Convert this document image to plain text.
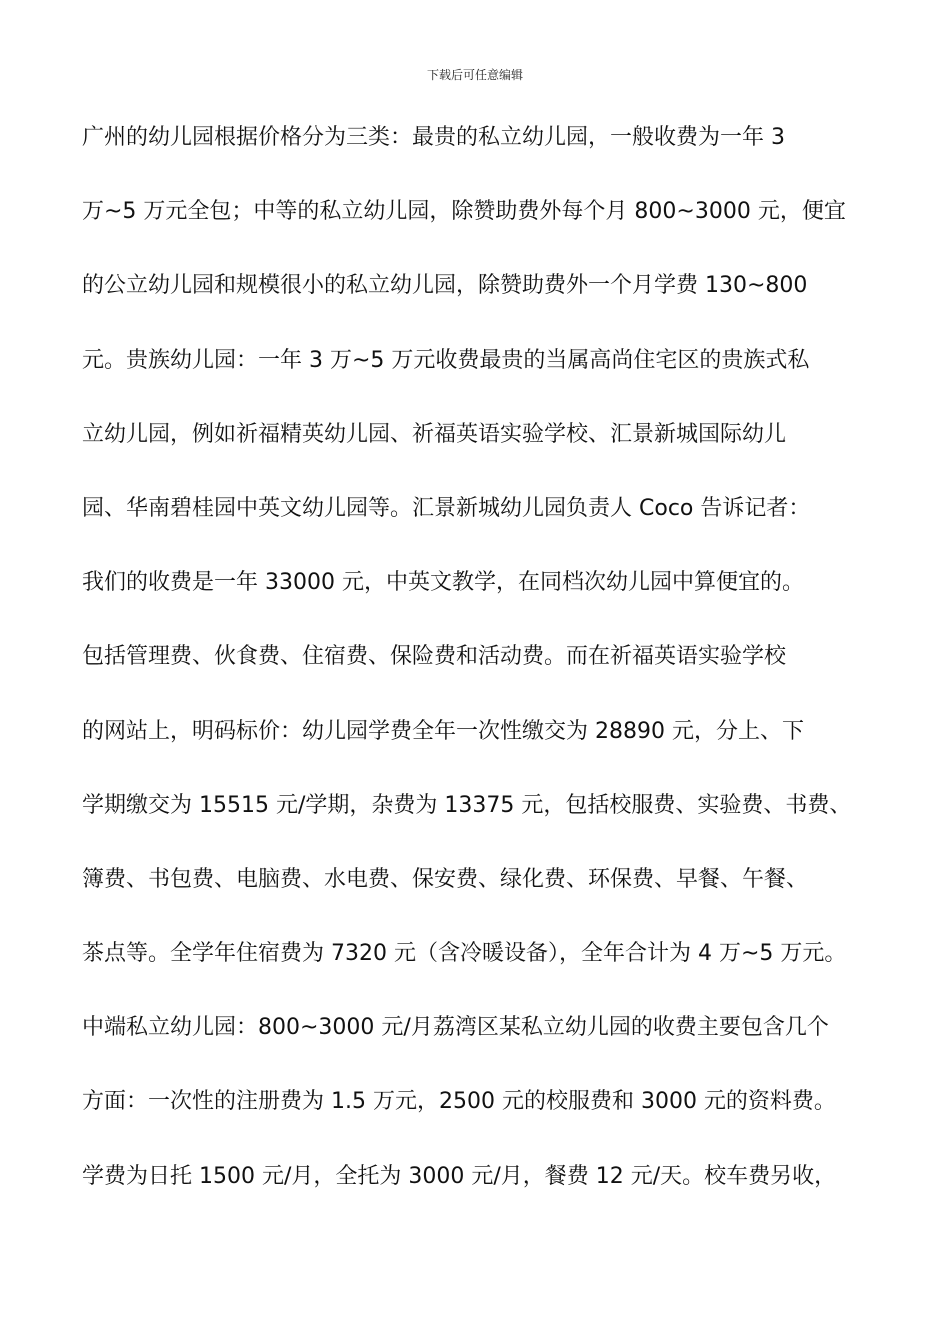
下载后可任意编辑
广州的幼儿园根据价格分为三类：最贵的私立幼儿园，一般收费为一年 3
万~5 万元全包；中等的私立幼儿园，除赞助费外每个月 800~3000 元，便宜
的公立幼儿园和规模很小的私立幼儿园，除赞助费外一个月学费 130~800
元。贵族幼儿园：一年 3 万~5 万元收费最贵的当属高尚住宅区的贵族式私
立幼儿园，例如祈福精英幼儿园、祈福英语实验学校、汇景新城国际幼儿
园、华南碧桂园中英文幼儿园等。汇景新城幼儿园负责人 Coco 告诉记者：
我们的收费是一年 33000 元，中英文教学，在同档次幼儿园中算便宜的。
包括管理费、伙食费、住宿费、保险费和活动费。而在祈福英语实验学校
的网站上，明码标价：幼儿园学费全年一次性缴交为 28890 元，分上、下
学期缴交为 15515 元/学期，杂费为 13375 元，包括校服费、实验费、书费、
簿费、书包费、电脑费、水电费、保安费、绿化费、环保费、早餐、午餐、
茶点等。全学年住宿费为 7320 元（含冷暖设备），全年合计为 4 万~5 万元。
中端私立幼儿园：800~3000 元/月荔湾区某私立幼儿园的收费主要包含几个
方面：一次性的注册费为 1.5 万元，2500 元的校服费和 3000 元的资料费。
学费为日托 1500 元/月，全托为 3000 元/月，餐费 12 元/天。校车费另收，
